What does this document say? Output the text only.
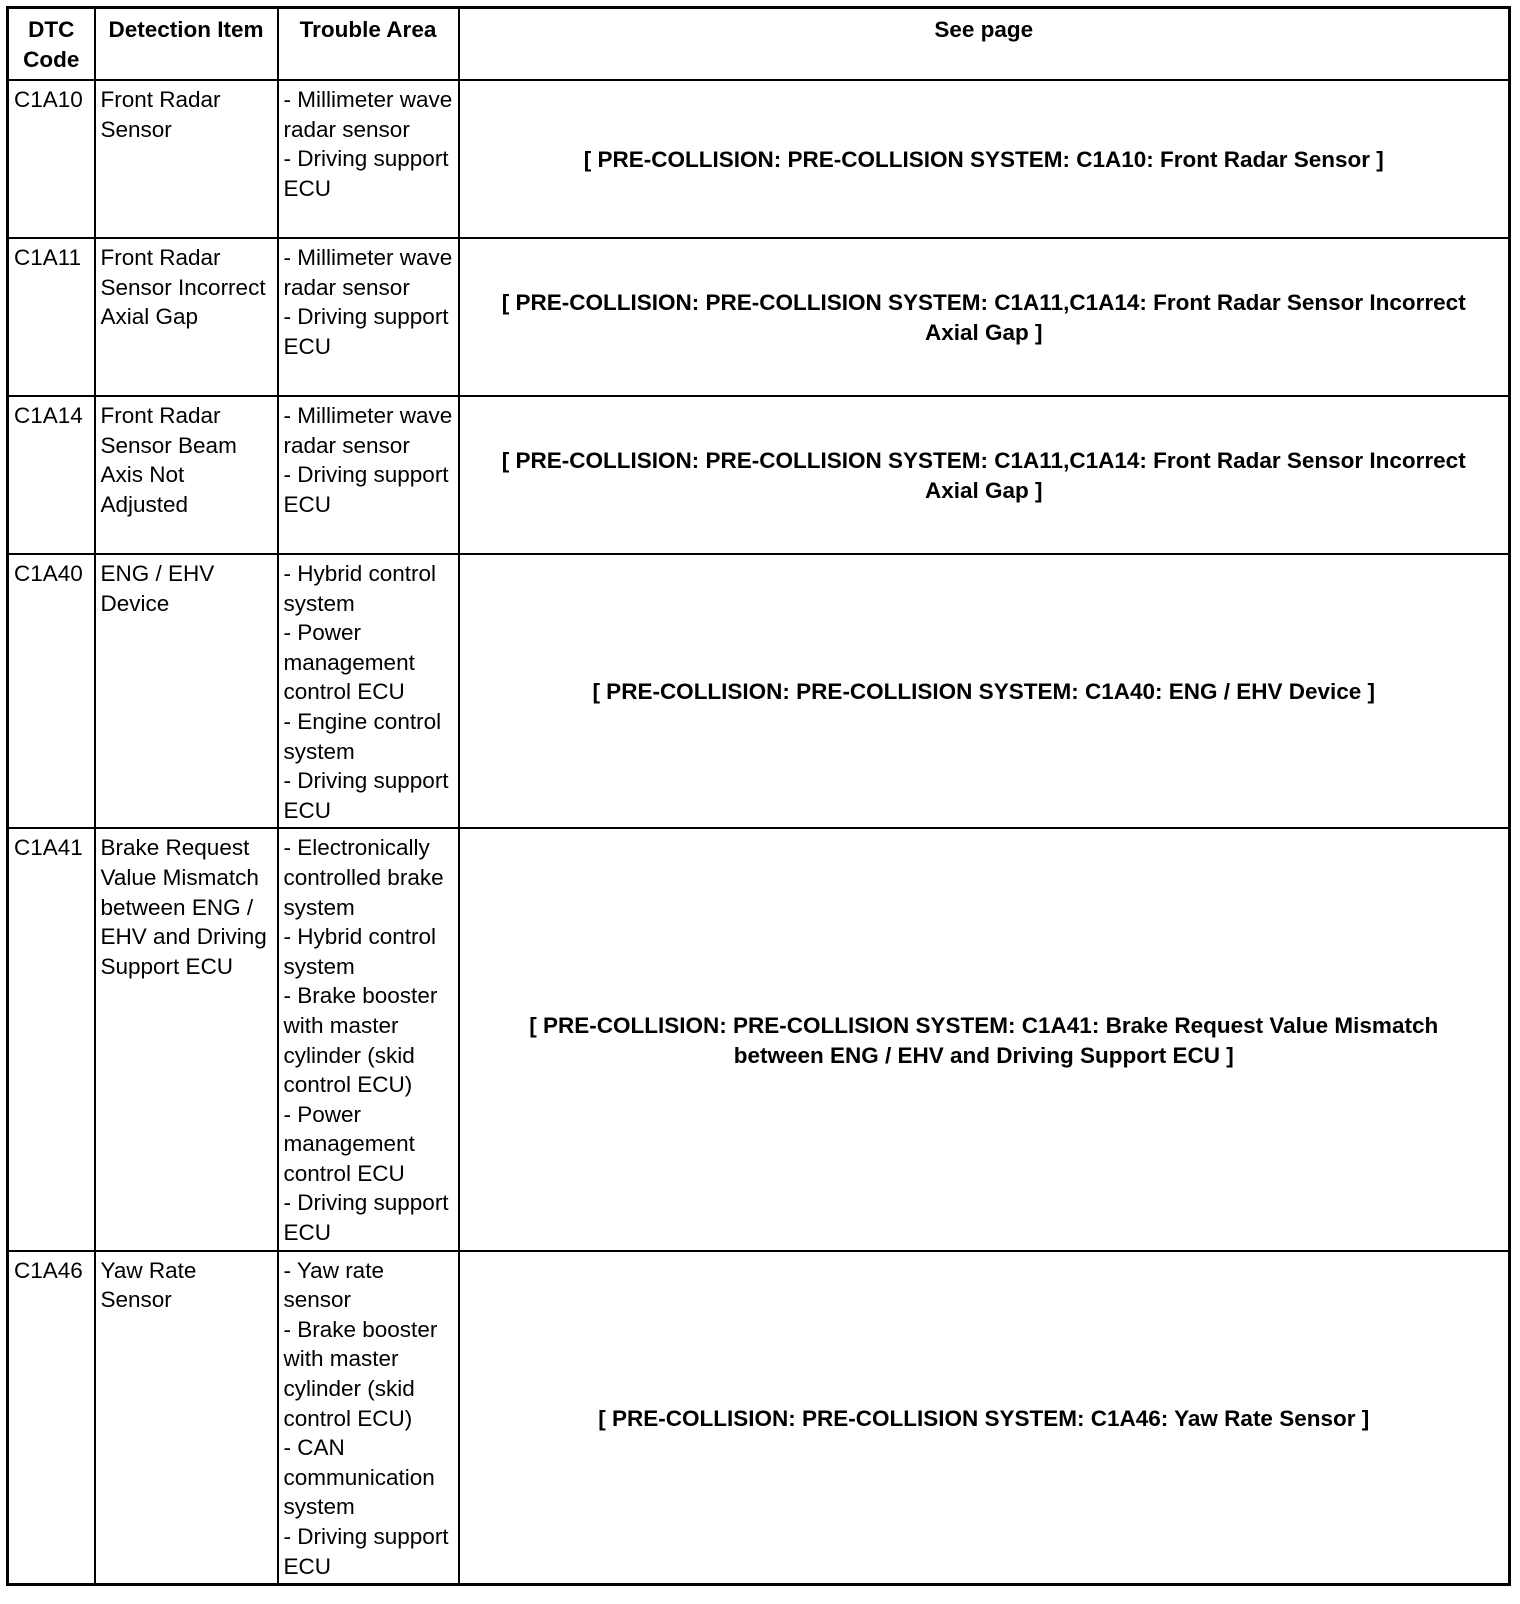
DTC Code	Detection Item	Trouble Area	See page
C1A10	Front Radar Sensor	- Millimeter wave radar sensor
- Driving support ECU	[ PRE-COLLISION: PRE-COLLISION SYSTEM: C1A10: Front Radar Sensor ]
C1A11	Front Radar Sensor Incorrect Axial Gap	- Millimeter wave radar sensor
- Driving support ECU	[ PRE-COLLISION: PRE-COLLISION SYSTEM: C1A11,C1A14: Front Radar Sensor Incorrect Axial Gap ]
C1A14	Front Radar Sensor Beam Axis Not Adjusted	- Millimeter wave radar sensor
- Driving support ECU	[ PRE-COLLISION: PRE-COLLISION SYSTEM: C1A11,C1A14: Front Radar Sensor Incorrect Axial Gap ]
C1A40	ENG / EHV Device	- Hybrid control system
- Power management control ECU
- Engine control system
- Driving support ECU	[ PRE-COLLISION: PRE-COLLISION SYSTEM: C1A40: ENG / EHV Device ]
C1A41	Brake Request Value Mismatch between ENG / EHV and Driving Support ECU	- Electronically controlled brake system
- Hybrid control system
- Brake booster with master cylinder (skid control ECU)
- Power management control ECU
- Driving support ECU	[ PRE-COLLISION: PRE-COLLISION SYSTEM: C1A41: Brake Request Value Mismatch between ENG / EHV and Driving Support ECU ]
C1A46	Yaw Rate Sensor	- Yaw rate sensor
- Brake booster with master cylinder (skid control ECU)
- CAN communication system
- Driving support ECU	[ PRE-COLLISION: PRE-COLLISION SYSTEM: C1A46: Yaw Rate Sensor ]
